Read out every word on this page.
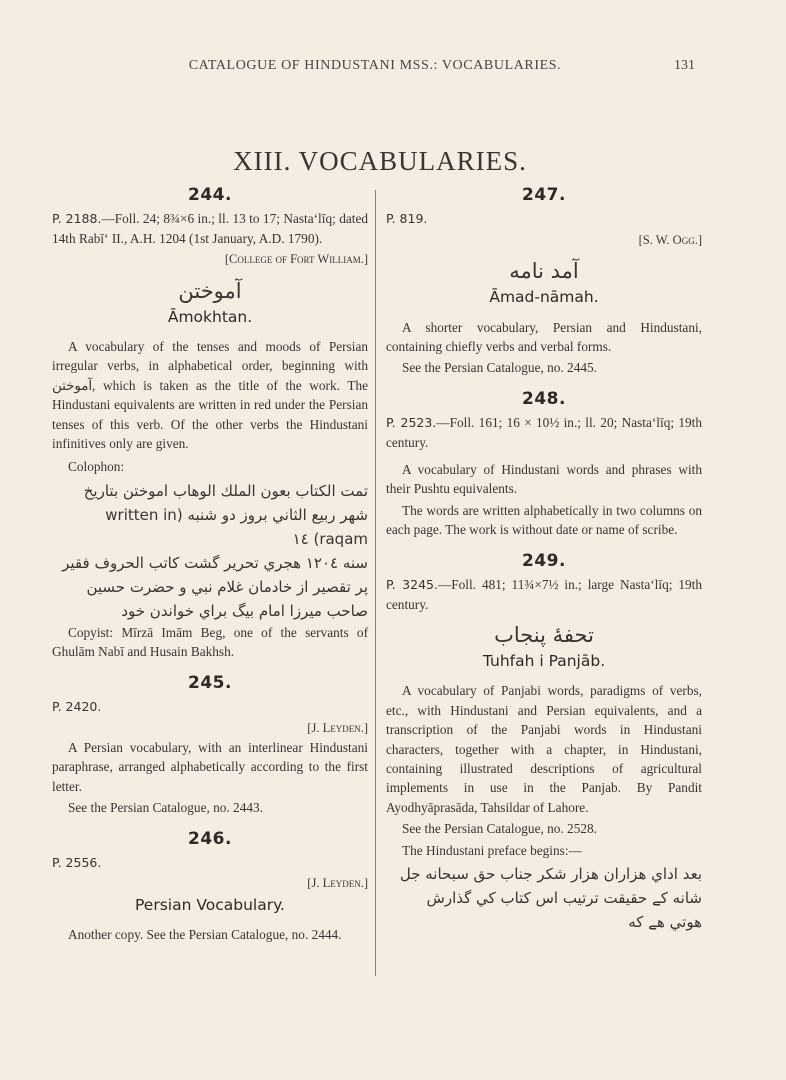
CATALOGUE OF HINDUSTANI MSS.: VOCABULARIES.	131
XIII. VOCABULARIES.
244.

P. 2188.—Foll. 24; 8¾×6 in.; ll. 13 to 17; Nasta‘līq; dated 14th Rabī‘ II., A.H. 1204 (1st January, A.D. 1790).

[College of Fort William.]

آموختن

Āmokhtan.

A vocabulary of the tenses and moods of Persian irregular verbs, in alphabetical order, beginning with آموختن, which is taken as the title of the work. The Hindustani equivalents are written in red under the Persian tenses of this verb. Of the other verbs the Hindustani infinitives only are given.

Colophon:

تمت الكتاب بعون الملك الوهاب اموختن بتاريخ

شهر ربيع الثاني بروز دو شنبه (written in raqam) ١٤

سنه ١٢٠٤ هجري تحرير گشت كاتب الحروف فقير

پر تقصير از خادمان غلام نبي و حضرت حسين

صاحب ميرزا امام بيگ براي خواندن خود

Copyist: Mīrzā Imām Beg, one of the servants of Ghulām Nabī and Husain Bakhsh.

245.

P. 2420.

[J. Leyden.]

A Persian vocabulary, with an interlinear Hindustani paraphrase, arranged alphabetically according to the first letter.

See the Persian Catalogue, no. 2443.

246.

P. 2556.

[J. Leyden.]

Persian Vocabulary.

Another copy. See the Persian Catalogue, no. 2444.

247.

P. 819.

[S. W. Ogg.]

آمد نامه

Āmad-nāmah.

A shorter vocabulary, Persian and Hindustani, containing chiefly verbs and verbal forms.

See the Persian Catalogue, no. 2445.

248.

P. 2523.—Foll. 161; 16 × 10½ in.; ll. 20; Nasta‘līq; 19th century.

A vocabulary of Hindustani words and phrases with their Pushtu equivalents.

The words are written alphabetically in two columns on each page. The work is without date or name of scribe.

249.

P. 3245.—Foll. 481; 11¾×7½ in.; large Nasta‘līq; 19th century.

تحفهٔ پنجاب

Tuhfah i Panjāb.

A vocabulary of Panjabi words, paradigms of verbs, etc., with Hindustani and Persian equivalents, and a transcription of the Panjabi words in Hindustani characters, together with a chapter, in Hindustani, containing illustrated descriptions of agricultural implements in use in the Panjab. By Pandit Ayodhyāprasāda, Tahsildar of Lahore.

See the Persian Catalogue, no. 2528.

The Hindustani preface begins:—

بعد اداي هزاران هزار شكر جناب حق سبحانه جل

شانه كے حقيقت ترتيب اس كتاب كي گذارش

هوتي هے كه
